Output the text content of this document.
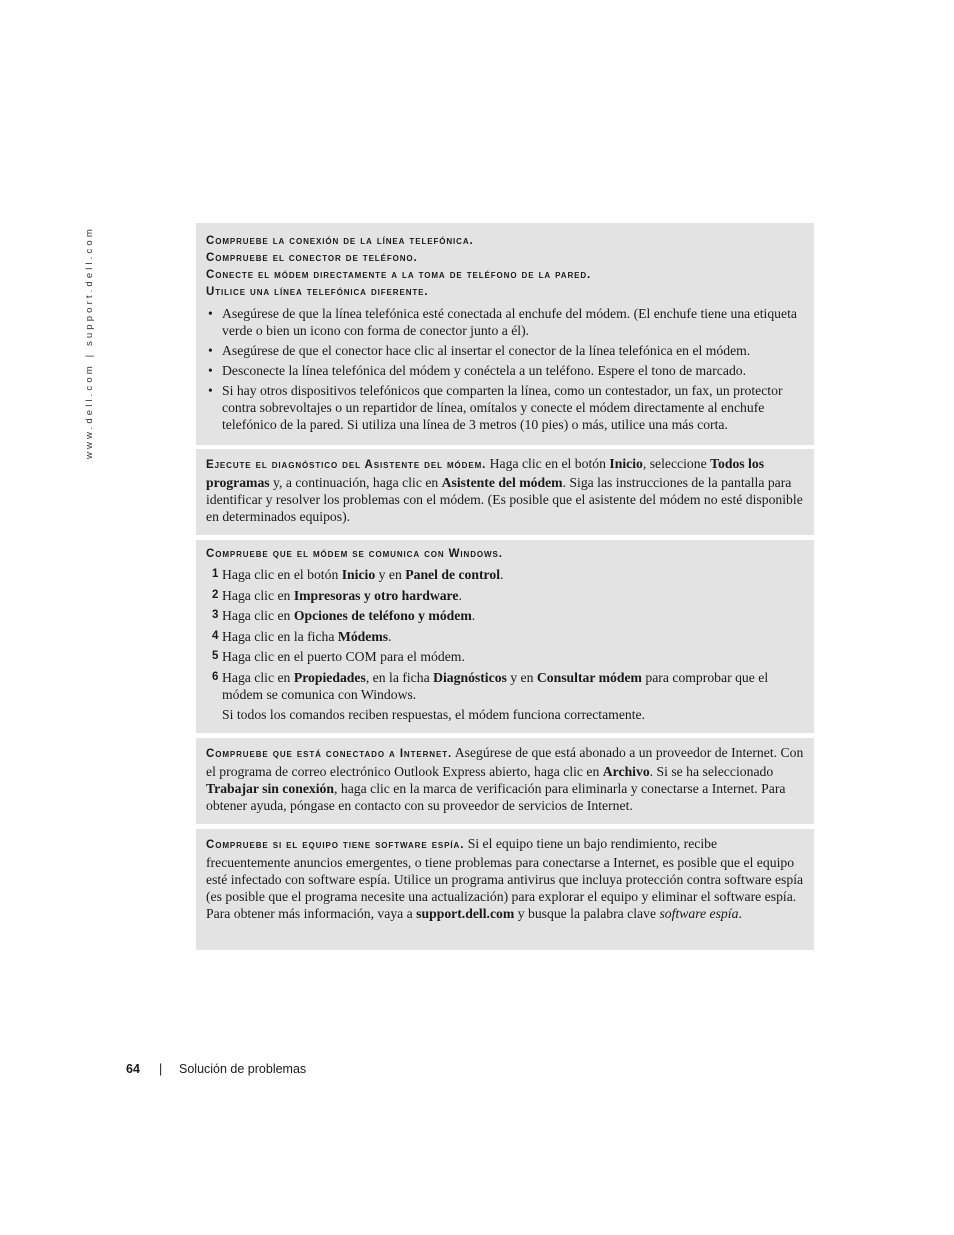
www.dell.com | support.dell.com	Compruebe la conexión de la línea telefónica.
Compruebe el conector de teléfono.
Conecte el módem directamente a la toma de teléfono de la pared.
Utilice una línea telefónica diferente.
• Asegúrese de que la línea telefónica esté conectada al enchufe del módem. (El enchufe tiene una etiqueta verde o bien un icono con forma de conector junto a él).
• Asegúrese de que el conector hace clic al insertar el conector de la línea telefónica en el módem.
• Desconecte la línea telefónica del módem y conéctela a un teléfono. Espere el tono de marcado.
• Si hay otros dispositivos telefónicos que comparten la línea, como un contestador, un fax, un protector contra sobrevoltajes o un repartidor de línea, omítalos y conecte el módem directamente al enchufe telefónico de la pared. Si utiliza una línea de 3 metros (10 pies) o más, utilice una más corta.

Ejecute el diagnóstico del Asistente del módem. Haga clic en el botón Inicio, seleccione Todos los programas y, a continuación, haga clic en Asistente del módem. Siga las instrucciones de la pantalla para identificar y resolver los problemas con el módem. (Es posible que el asistente del módem no esté disponible en determinados equipos).

Compruebe que el módem se comunica con Windows.
1 Haga clic en el botón Inicio y en Panel de control.
2 Haga clic en Impresoras y otro hardware.
3 Haga clic en Opciones de teléfono y módem.
4 Haga clic en la ficha Módems.
5 Haga clic en el puerto COM para el módem.
6 Haga clic en Propiedades, en la ficha Diagnósticos y en Consultar módem para comprobar que el módem se comunica con Windows.
Si todos los comandos reciben respuestas, el módem funciona correctamente.

Compruebe que está conectado a Internet. Asegúrese de que está abonado a un proveedor de Internet. Con el programa de correo electrónico Outlook Express abierto, haga clic en Archivo. Si se ha seleccionado Trabajar sin conexión, haga clic en la marca de verificación para eliminarla y conectarse a Internet. Para obtener ayuda, póngase en contacto con su proveedor de servicios de Internet.

Compruebe si el equipo tiene software espía. Si el equipo tiene un bajo rendimiento, recibe frecuentemente anuncios emergentes, o tiene problemas para conectarse a Internet, es posible que el equipo esté infectado con software espía. Utilice un programa antivirus que incluya protección contra software espía (es posible que el programa necesite una actualización) para explorar el equipo y eliminar el software espía. Para obtener más información, vaya a support.dell.com y busque la palabra clave software espía.

64 | Solución de problemas
